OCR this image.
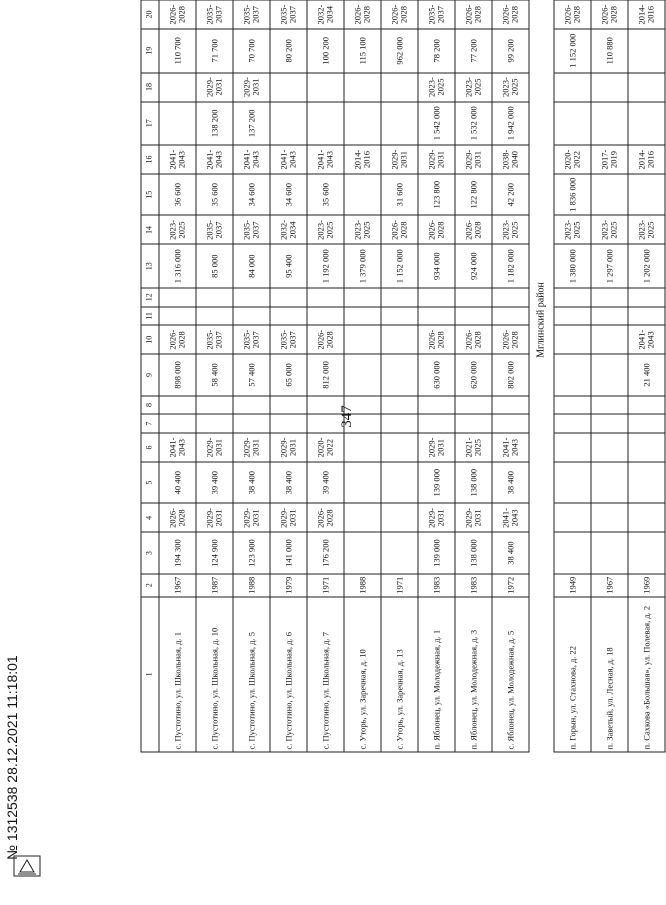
347
1	2	3	4	5	6	7	8	9	10	11	12	13	14	15	16	17	18	19	20				
с. Пустотино, ул. Школьная, д. 1	1967	194 300	2026-2028	40 400	2041-2043			898 000	2026-2028			1 316 000	2023-2025	36 600	2041-2043			110 700	2026-2028				
с. Пустотино, ул. Школьная, д. 10	1987	124 900	2029-2031	39 400	2029-2031			58 400	2035-2037			85 000	2035-2037	35 600	2041-2043	138 200	2029-2031	71 700	2035-2037				
с. Пустотино, ул. Школьная, д. 5	1988	123 900	2029-2031	38 400	2029-2031			57 400	2035-2037			84 000	2035-2037	34 600	2041-2043	137 200	2029-2031	70 700	2035-2037				
с. Пустотино, ул. Школьная, д. 6	1979	141 000	2029-2031	38 400	2029-2031			65 000	2035-2037			95 400	2032-2034	34 600	2041-2043			80 200	2035-2037				
с. Пустотино, ул. Школьная, д. 7	1971	176 200	2026-2028	39 400	2020-2022			812 000	2026-2028			1 192 000	2023-2025	35 600	2041-2043			100 200	2032-2034				
с. Уторь, ул. Заречная, д. 10	1988											1 379 000	2023-2025		2014-2016			115 100	2026-2028				
с. Уторь, ул. Заречная, д. 13	1971											1 152 000	2026-2028	31 600	2029-2031			962 000	2026-2028				
п. Яблонец, ул. Молодежная, д. 1	1983	139 000	2029-2031	139 000	2029-2031			630 000	2026-2028			934 000	2026-2028	123 800	2029-2031	1 542 000	2023-2025	78 200	2035-2037				
п. Яблонец, ул. Молодежная, д. 3	1983	138 000	2029-2031	138 000	2021-2025			620 000	2026-2028			924 000	2026-2028	122 800	2029-2031	1 532 000	2023-2025	77 200	2026-2028				
с. Яблонец, ул. Молодежная, д. 5	1972	38 400	2041-2043	38 400	2041-2043			802 000	2026-2028			1 182 000	2023-2025	42 200	2038-2040	1 942 000	2023-2025	99 200	2026-2028				
Мглинский район																							
п. Горын, ул. Стахнова, д. 22	1949											1 380 000	2023-2025	1 836 000	2020-2022			1 152 000	2026-2028				
п. Заветый, ул. Лесная, д. 18	1967											1 297 000	2023-2025		2017-2019			110 880	2026-2028				
п. Сахкова «Большая», ул. Полевая, д. 2	1969							21 400	2041-2043			1 202 000	2023-2025		2014-2016				2014-2016				
№ 1312538 28.12.2021 11:18:01
